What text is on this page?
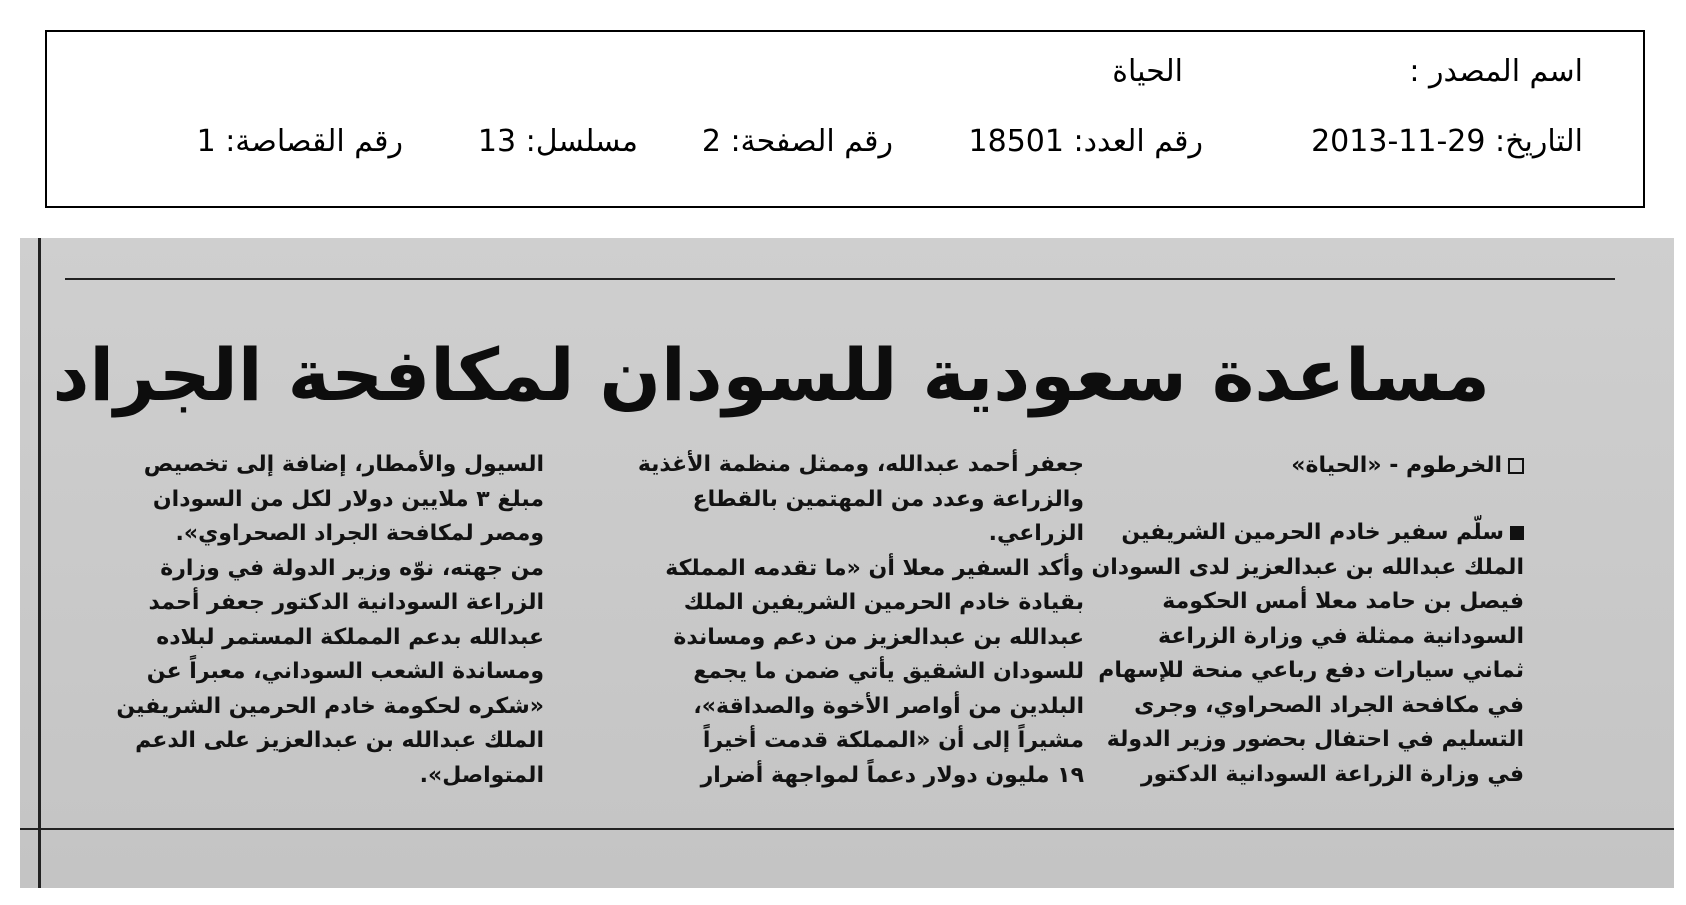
اسم المصدر :
الحياة
التاريخ: 29-11-2013
رقم العدد: 18501
رقم الصفحة: 2
مسلسل: 13
رقم القصاصة: 1
مساعدة سعودية للسودان لمكافحة الجراد
الخرطوم - «الحياة»

سلّم سفير خادم الحرمين الشريفين

الملك عبدالله بن عبدالعزيز لدى السودان

فيصل بن حامد معلا أمس الحكومة

السودانية ممثلة في وزارة الزراعة

ثماني سيارات دفع رباعي منحة للإسهام

في مكافحة الجراد الصحراوي، وجرى

التسليم في احتفال بحضور وزير الدولة

في وزارة الزراعة السودانية الدكتور

جعفر أحمد عبدالله، وممثل منظمة الأغذية

والزراعة وعدد من المهتمين بالقطاع

الزراعي.

وأكد السفير معلا أن «ما تقدمه المملكة

بقيادة خادم الحرمين الشريفين الملك

عبدالله بن عبدالعزيز من دعم ومساندة

للسودان الشقيق يأتي ضمن ما يجمع

البلدين من أواصر الأخوة والصداقة»،

مشيراً إلى أن «المملكة قدمت أخيراً

١٩ مليون دولار دعماً لمواجهة أضرار

السيول والأمطار، إضافة إلى تخصيص

مبلغ ٣ ملايين دولار لكل من السودان

ومصر لمكافحة الجراد الصحراوي».

من جهته، نوّه وزير الدولة في وزارة

الزراعة السودانية الدكتور جعفر أحمد

عبدالله بدعم المملكة المستمر لبلاده

ومساندة الشعب السوداني، معبراً عن

«شكره لحكومة خادم الحرمين الشريفين

الملك عبدالله بن عبدالعزيز على الدعم

المتواصل».
